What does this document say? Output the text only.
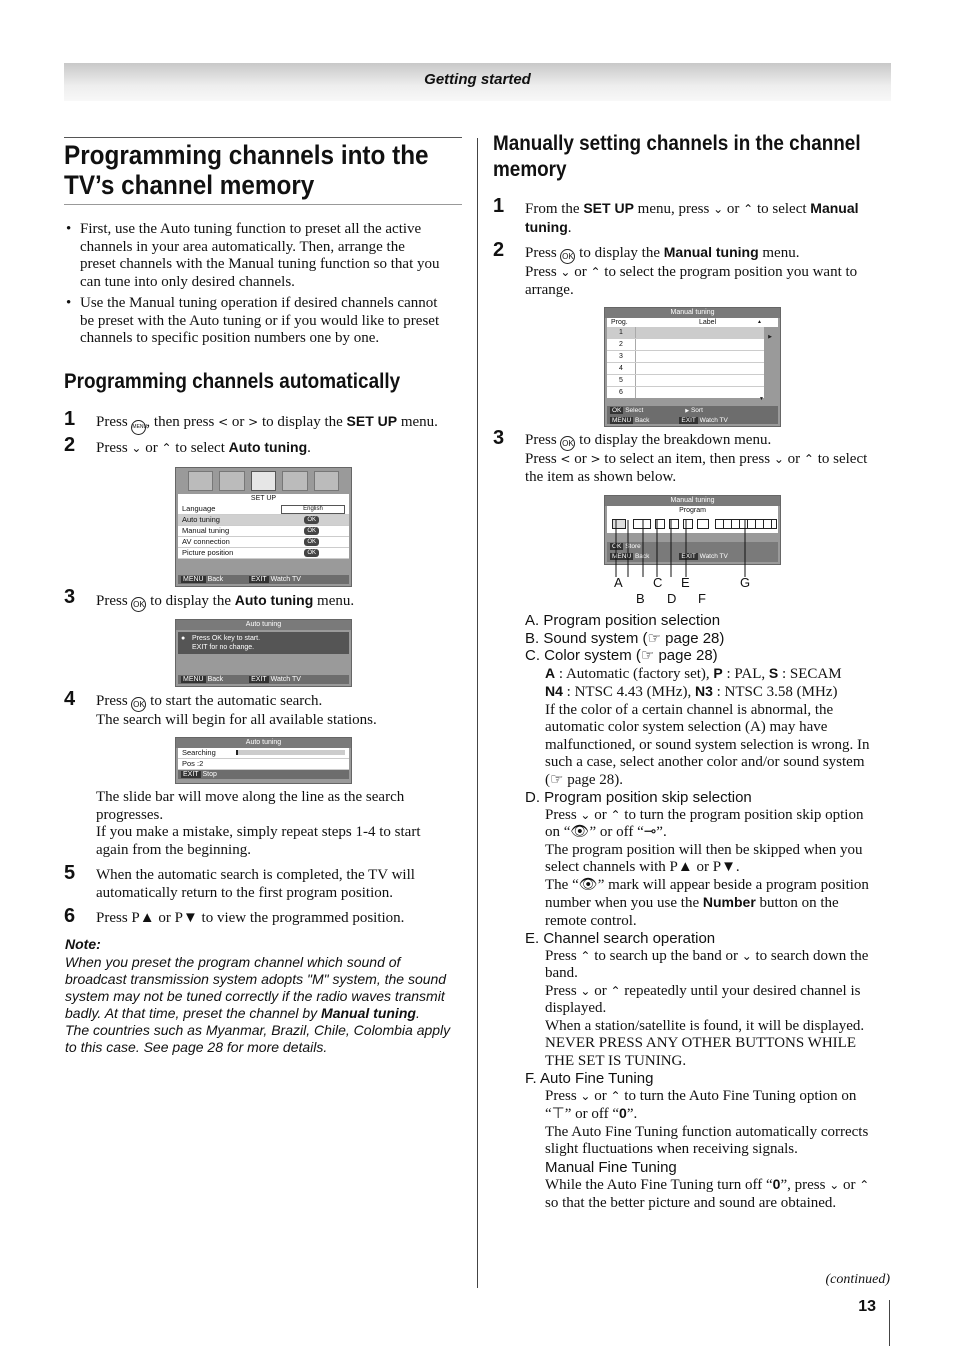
Getting started
Programming channels into the
TV’s channel memory
• First, use the Auto tuning function to preset all the active
channels in your area automatically. Then, arrange the
preset channels with the Manual tuning function so that you
can tune into only desired channels.
• Use the Manual tuning operation if desired channels cannot
be preset with the Auto tuning or if you would like to preset
channels to specific position numbers one by one.
Programming channels automatically
1 Press MENU, then press < or > to display the SET UP menu.
2 Press ⌄ or ⌃ to select Auto tuning.
SET UP
Language	English
Auto tuning	OK
Manual tuning	OK
AV connection	OK
Picture position	OK
MENU Back	EXIT Watch TV
3 Press OK to display the Auto tuning menu.
Auto tuning
● Press OK key to start.
EXIT for no change.
MENU Back	EXIT Watch TV
4 Press OK to start the automatic search.
The search will begin for all available stations.
Auto tuning
Searching
Pos :2
EXIT Stop
The slide bar will move along the line as the search
progresses.
If you make a mistake, simply repeat steps 1-4 to start
again from the beginning.
5 When the automatic search is completed, the TV will
automatically return to the first program position.
6 Press P▲ or P▼ to view the programmed position.
Note:
When you preset the program channel which sound of
broadcast transmission system adopts "M" system, the sound
system may not be tuned correctly if the radio waves transmit
badly. At that time, preset the channel by Manual tuning.
The countries such as Myanmar, Brazil, Chile, Colombia apply
to this case. See page 28 for more details.
Manually setting channels in the channel
memory
1 From the SET UP menu, press ⌄ or ⌃ to select Manual
tuning.
2 Press OK to display the Manual tuning menu.
Press ⌄ or ⌃ to select the program position you want to
arrange.
Manual tuning
Prog.	Label	▲
1
2
3
4
5
6
▶
▼
OK Select	▶ Sort
MENU Back	EXIT Watch TV
3 Press OK to display the breakdown menu.
Press < or > to select an item, then press ⌄ or ⌃ to select
the item as shown below.
Manual tuning
Program
OK Store
MENU Back	EXIT Watch TV
A C E	G
B D F
A. Program position selection
B. Sound system (☞ page 28)
C. Color system (☞ page 28)
A : Automatic (factory set), P : PAL, S : SECAM
N4 : NTSC 4.43 (MHz), N3 : NTSC 3.58 (MHz)
If the color of a certain channel is abnormal, the
automatic color system selection (A) may have
malfunctioned, or sound system selection is wrong. In
such a case, select another color and/or sound system
(☞ page 28).
D. Program position skip selection
Press ⌄ or ⌃ to turn the program position skip option
on “👁” or off “⊸”.
The program position will then be skipped when you
select channels with P▲ or P▼.
The “👁” mark will appear beside a program position
number when you use the Number button on the
remote control.
E. Channel search operation
Press ⌃ to search up the band or ⌄ to search down the
band.
Press ⌄ or ⌃ repeatedly until your desired channel is
displayed.
When a station/satellite is found, it will be displayed.
NEVER PRESS ANY OTHER BUTTONS WHILE
THE SET IS TUNING.
F. Auto Fine Tuning
Press ⌄ or ⌃ to turn the Auto Fine Tuning option on
“⊤” or off “0”.
The Auto Fine Tuning function automatically corrects
slight fluctuations when receiving signals.
Manual Fine Tuning
While the Auto Fine Tuning turn off “0”, press ⌄ or ⌃
so that the better picture and sound are obtained.
(continued)
13
